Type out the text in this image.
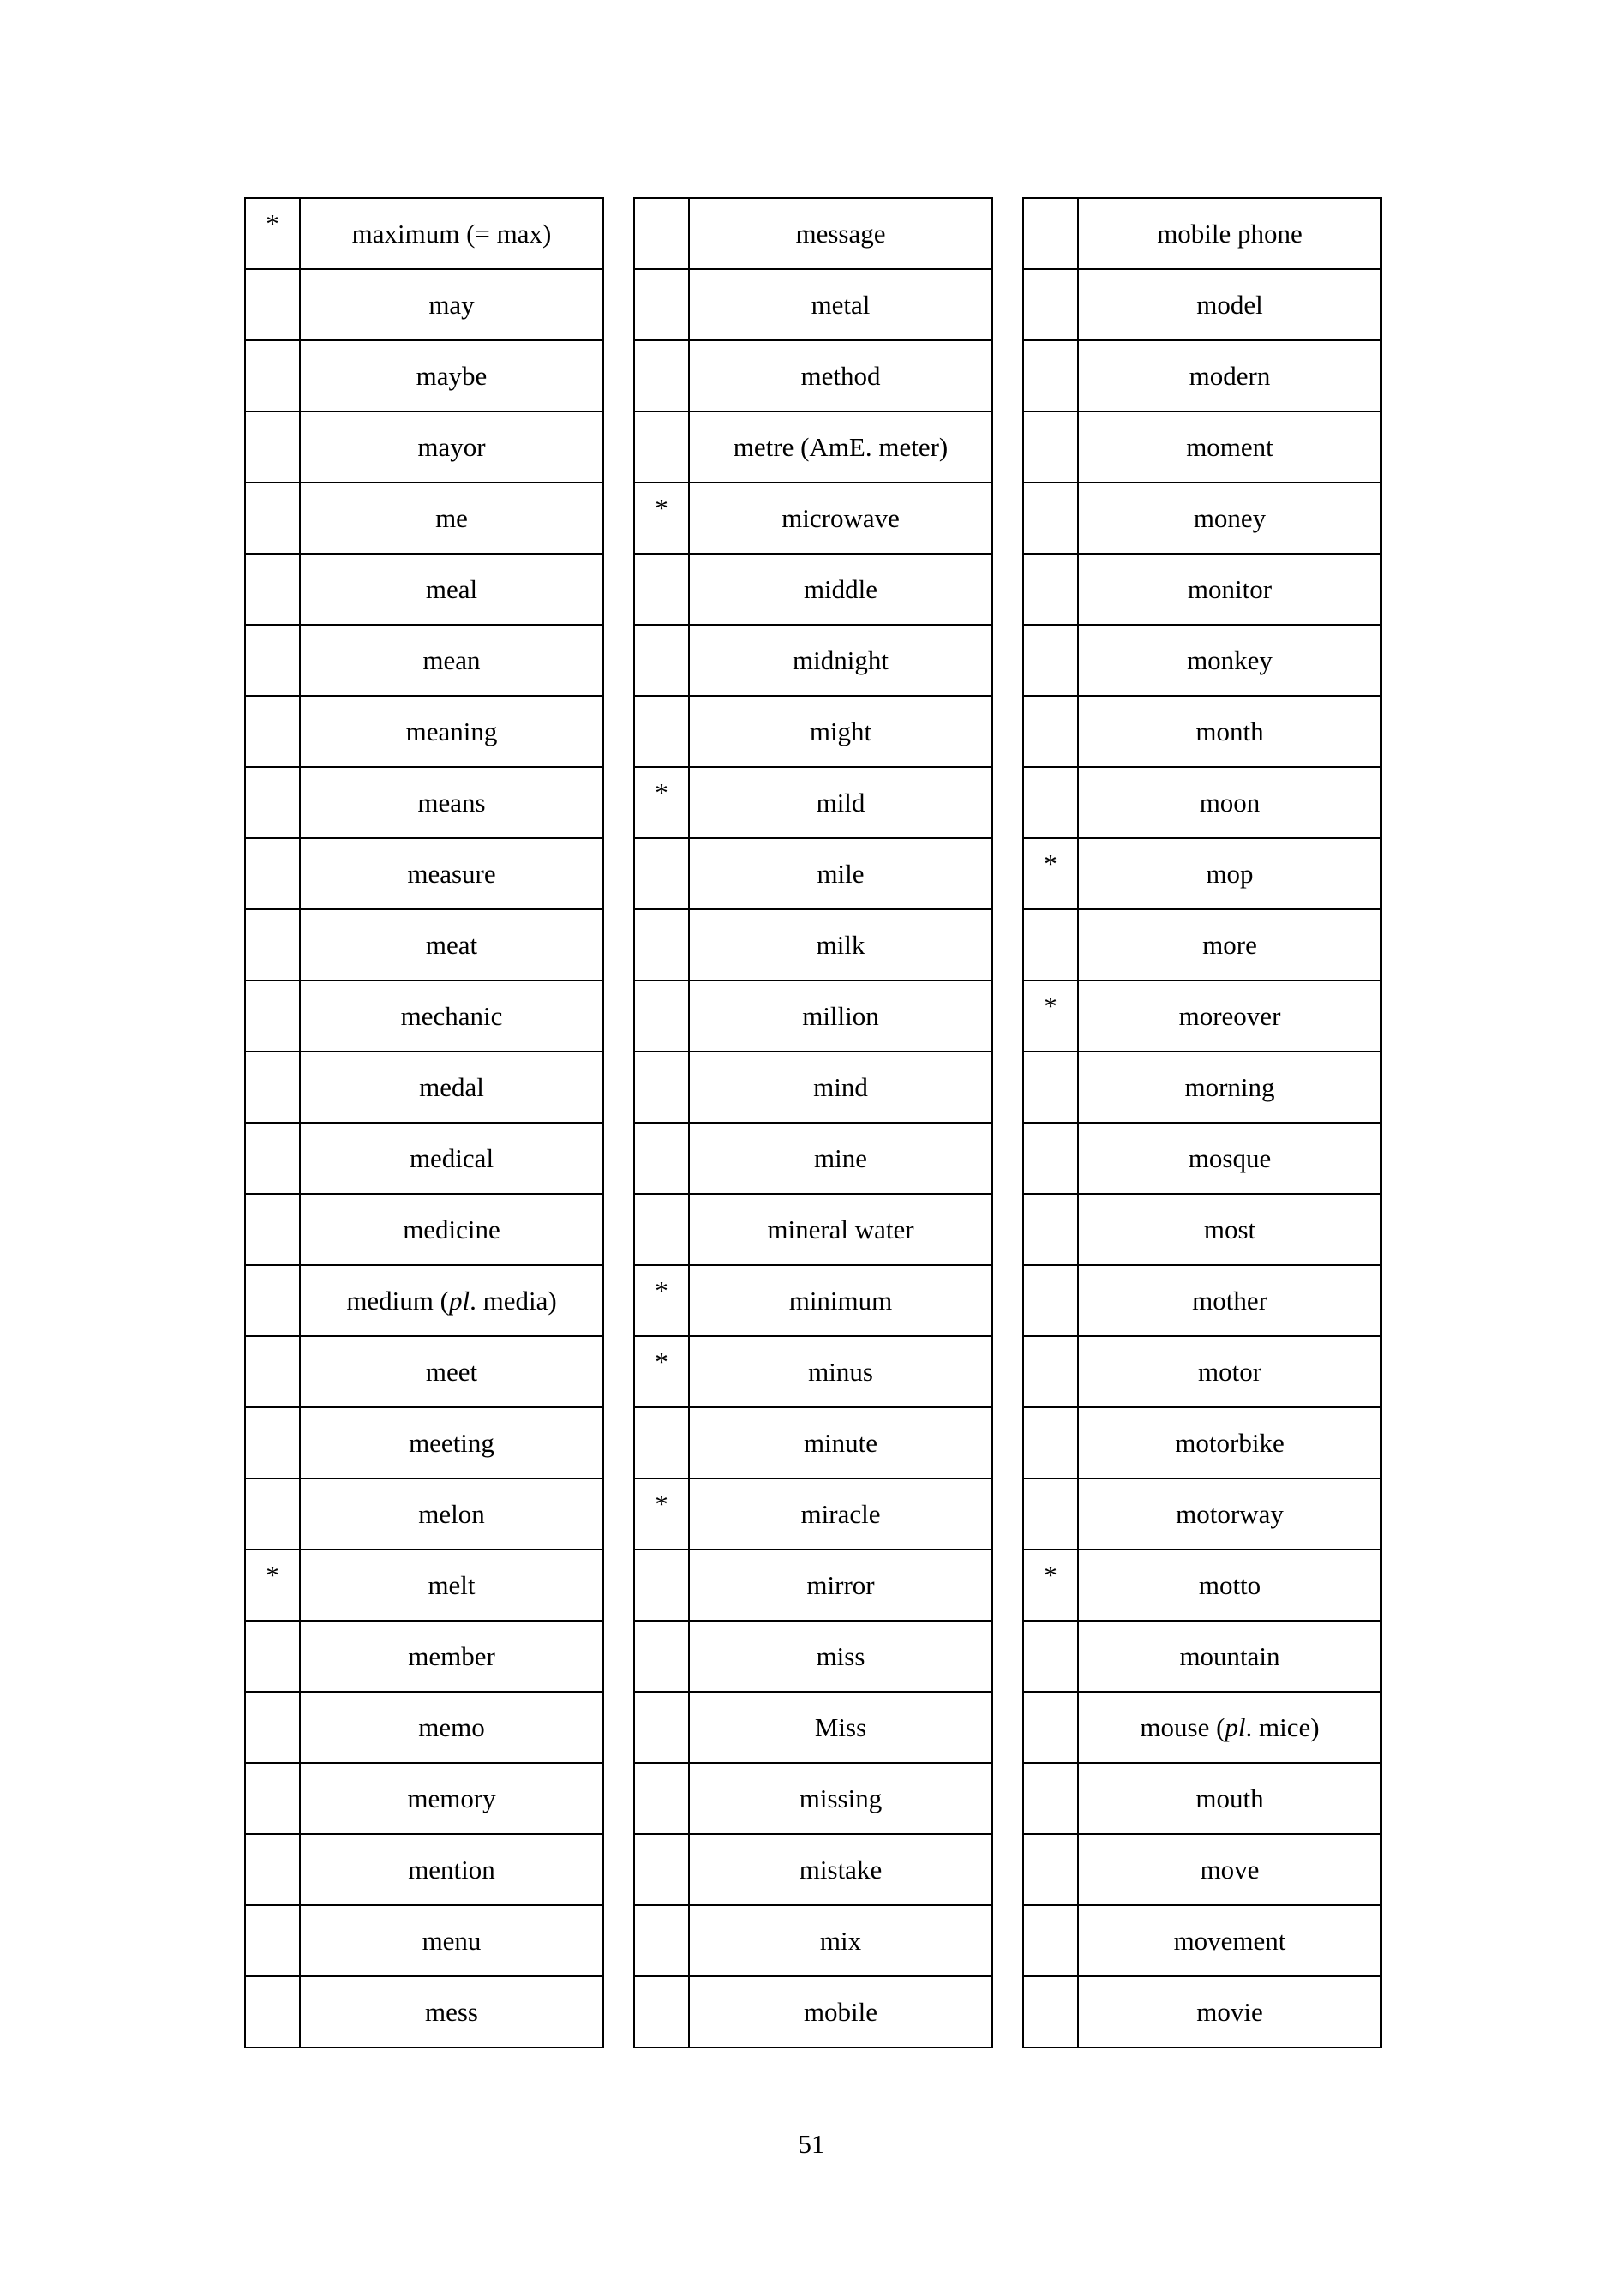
*	maximum (= max)
	may
	maybe
	mayor
	me
	meal
	mean
	meaning
	means
	measure
	meat
	mechanic
	medal
	medical
	medicine
	medium (pl. media)
	meet
	meeting
	melon
*	melt
	member
	memo
	memory
	mention
	menu
	mess
	message
	metal
	method
	metre (AmE. meter)
*	microwave
	middle
	midnight
	might
*	mild
	mile
	milk
	million
	mind
	mine
	mineral water
*	minimum
*	minus
	minute
*	miracle
	mirror
	miss
	Miss
	missing
	mistake
	mix
	mobile
	mobile phone
	model
	modern
	moment
	money
	monitor
	monkey
	month
	moon
*	mop
	more
*	moreover
	morning
	mosque
	most
	mother
	motor
	motorbike
	motorway
*	motto
	mountain
	mouse (pl. mice)
	mouth
	move
	movement
	movie
51
